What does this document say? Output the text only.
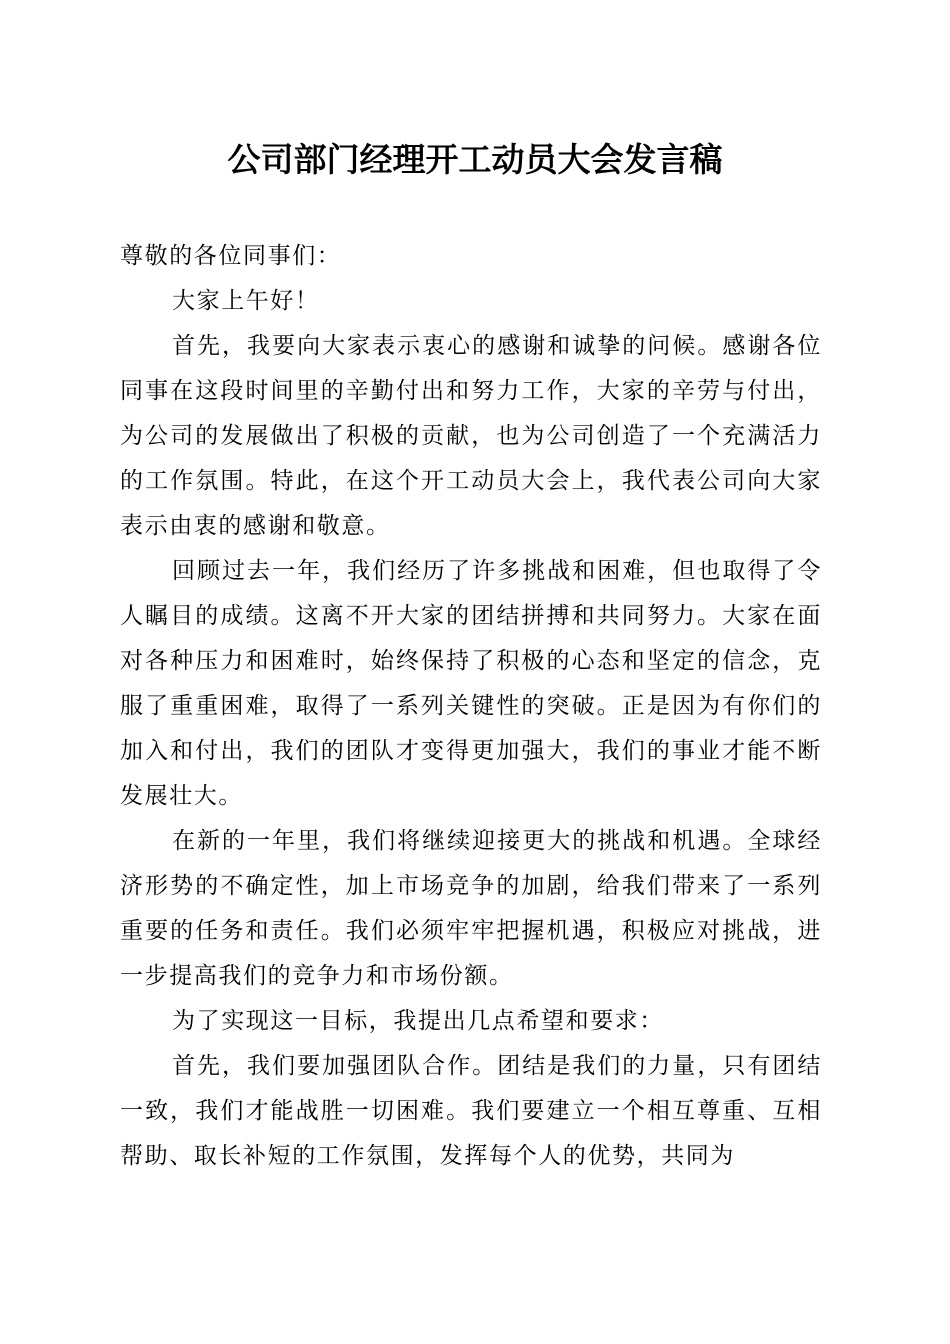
公司部门经理开工动员大会发言稿

尊敬的各位同事们：

大家上午好！

首先，我要向大家表示衷心的感谢和诚挚的问候。感谢各位同事在这段时间里的辛勤付出和努力工作，大家的辛劳与付出，为公司的发展做出了积极的贡献，也为公司创造了一个充满活力的工作氛围。特此，在这个开工动员大会上，我代表公司向大家表示由衷的感谢和敬意。

回顾过去一年，我们经历了许多挑战和困难，但也取得了令人瞩目的成绩。这离不开大家的团结拼搏和共同努力。大家在面对各种压力和困难时，始终保持了积极的心态和坚定的信念，克服了重重困难，取得了一系列关键性的突破。正是因为有你们的加入和付出，我们的团队才变得更加强大，我们的事业才能不断发展壮大。

在新的一年里，我们将继续迎接更大的挑战和机遇。全球经济形势的不确定性，加上市场竞争的加剧，给我们带来了一系列重要的任务和责任。我们必须牢牢把握机遇，积极应对挑战，进一步提高我们的竞争力和市场份额。

为了实现这一目标，我提出几点希望和要求：

首先，我们要加强团队合作。团结是我们的力量，只有团结一致，我们才能战胜一切困难。我们要建立一个相互尊重、互相帮助、取长补短的工作氛围，发挥每个人的优势，共同为
